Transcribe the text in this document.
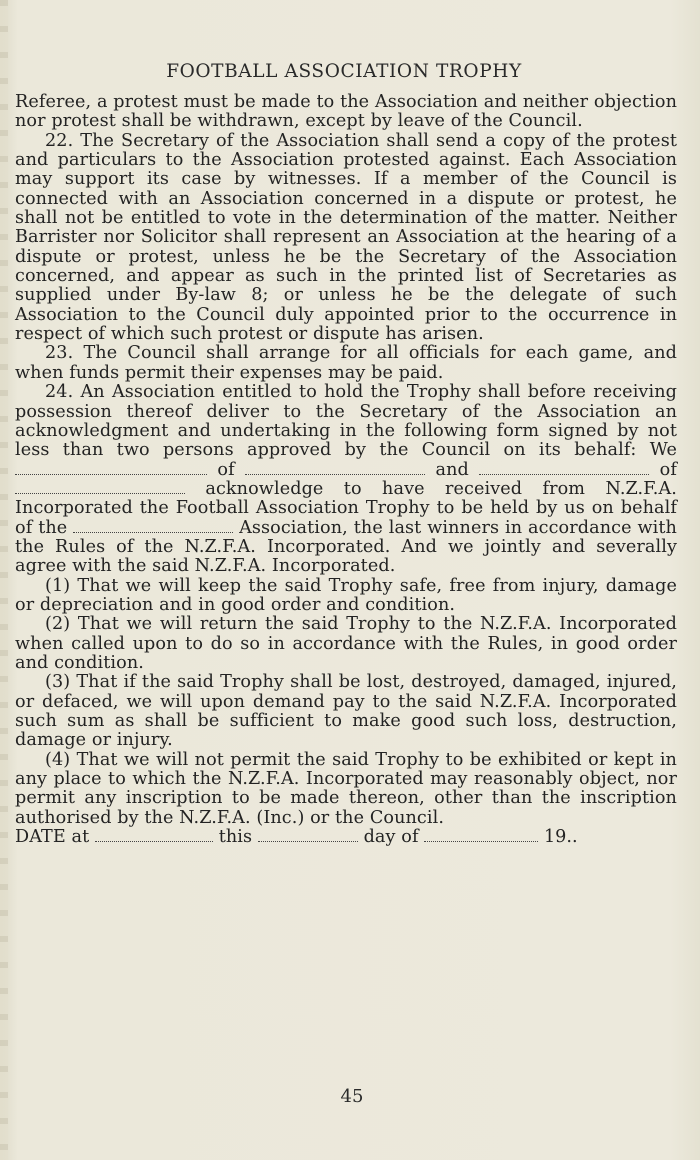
FOOTBALL ASSOCIATION TROPHY

Referee, a protest must be made to the Association and neither objection nor protest shall be withdrawn, except by leave of the Council.

22. The Secretary of the Association shall send a copy of the protest and particulars to the Association protested against. Each Association may support its case by witnesses. If a member of the Council is connected with an Association concerned in a dispute or protest, he shall not be entitled to vote in the determination of the matter. Neither Barrister nor Solicitor shall represent an Association at the hearing of a dispute or protest, unless he be the Secretary of the Association concerned, and appear as such in the printed list of Secretaries as supplied under By-law 8; or unless he be the delegate of such Association to the Council duly appointed prior to the occurrence in respect of which such protest or dispute has arisen.

23. The Council shall arrange for all officials for each game, and when funds permit their expenses may be paid.

24. An Association entitled to hold the Trophy shall before receiving possession thereof deliver to the Secretary of the Association an acknowledgment and undertaking in the following form signed by not less than two persons approved by the Council on its behalf: We  of	and	of  acknowledge to have received from N.Z.F.A. Incorporated the Football Association Trophy to be held by us on behalf of the	Association, the last winners in accordance with the Rules of the N.Z.F.A. Incorporated. And we jointly and severally agree with the said N.Z.F.A. Incorporated.

(1) That we will keep the said Trophy safe, free from injury, damage or depreciation and in good order and condition.

(2) That we will return the said Trophy to the N.Z.F.A. Incorporated when called upon to do so in accordance with the Rules, in good order and condition.

(3) That if the said Trophy shall be lost, destroyed, damaged, injured, or defaced, we will upon demand pay to the said N.Z.F.A. Incorporated such sum as shall be sufficient to make good such loss, destruction, damage or injury.

(4) That we will not permit the said Trophy to be exhibited or kept in any place to which the N.Z.F.A. Incorporated may reasonably object, nor permit any inscription to be made thereon, other than the inscription authorised by the N.Z.F.A. (Inc.) or the Council.

DATE at	this	day of	19..

45
